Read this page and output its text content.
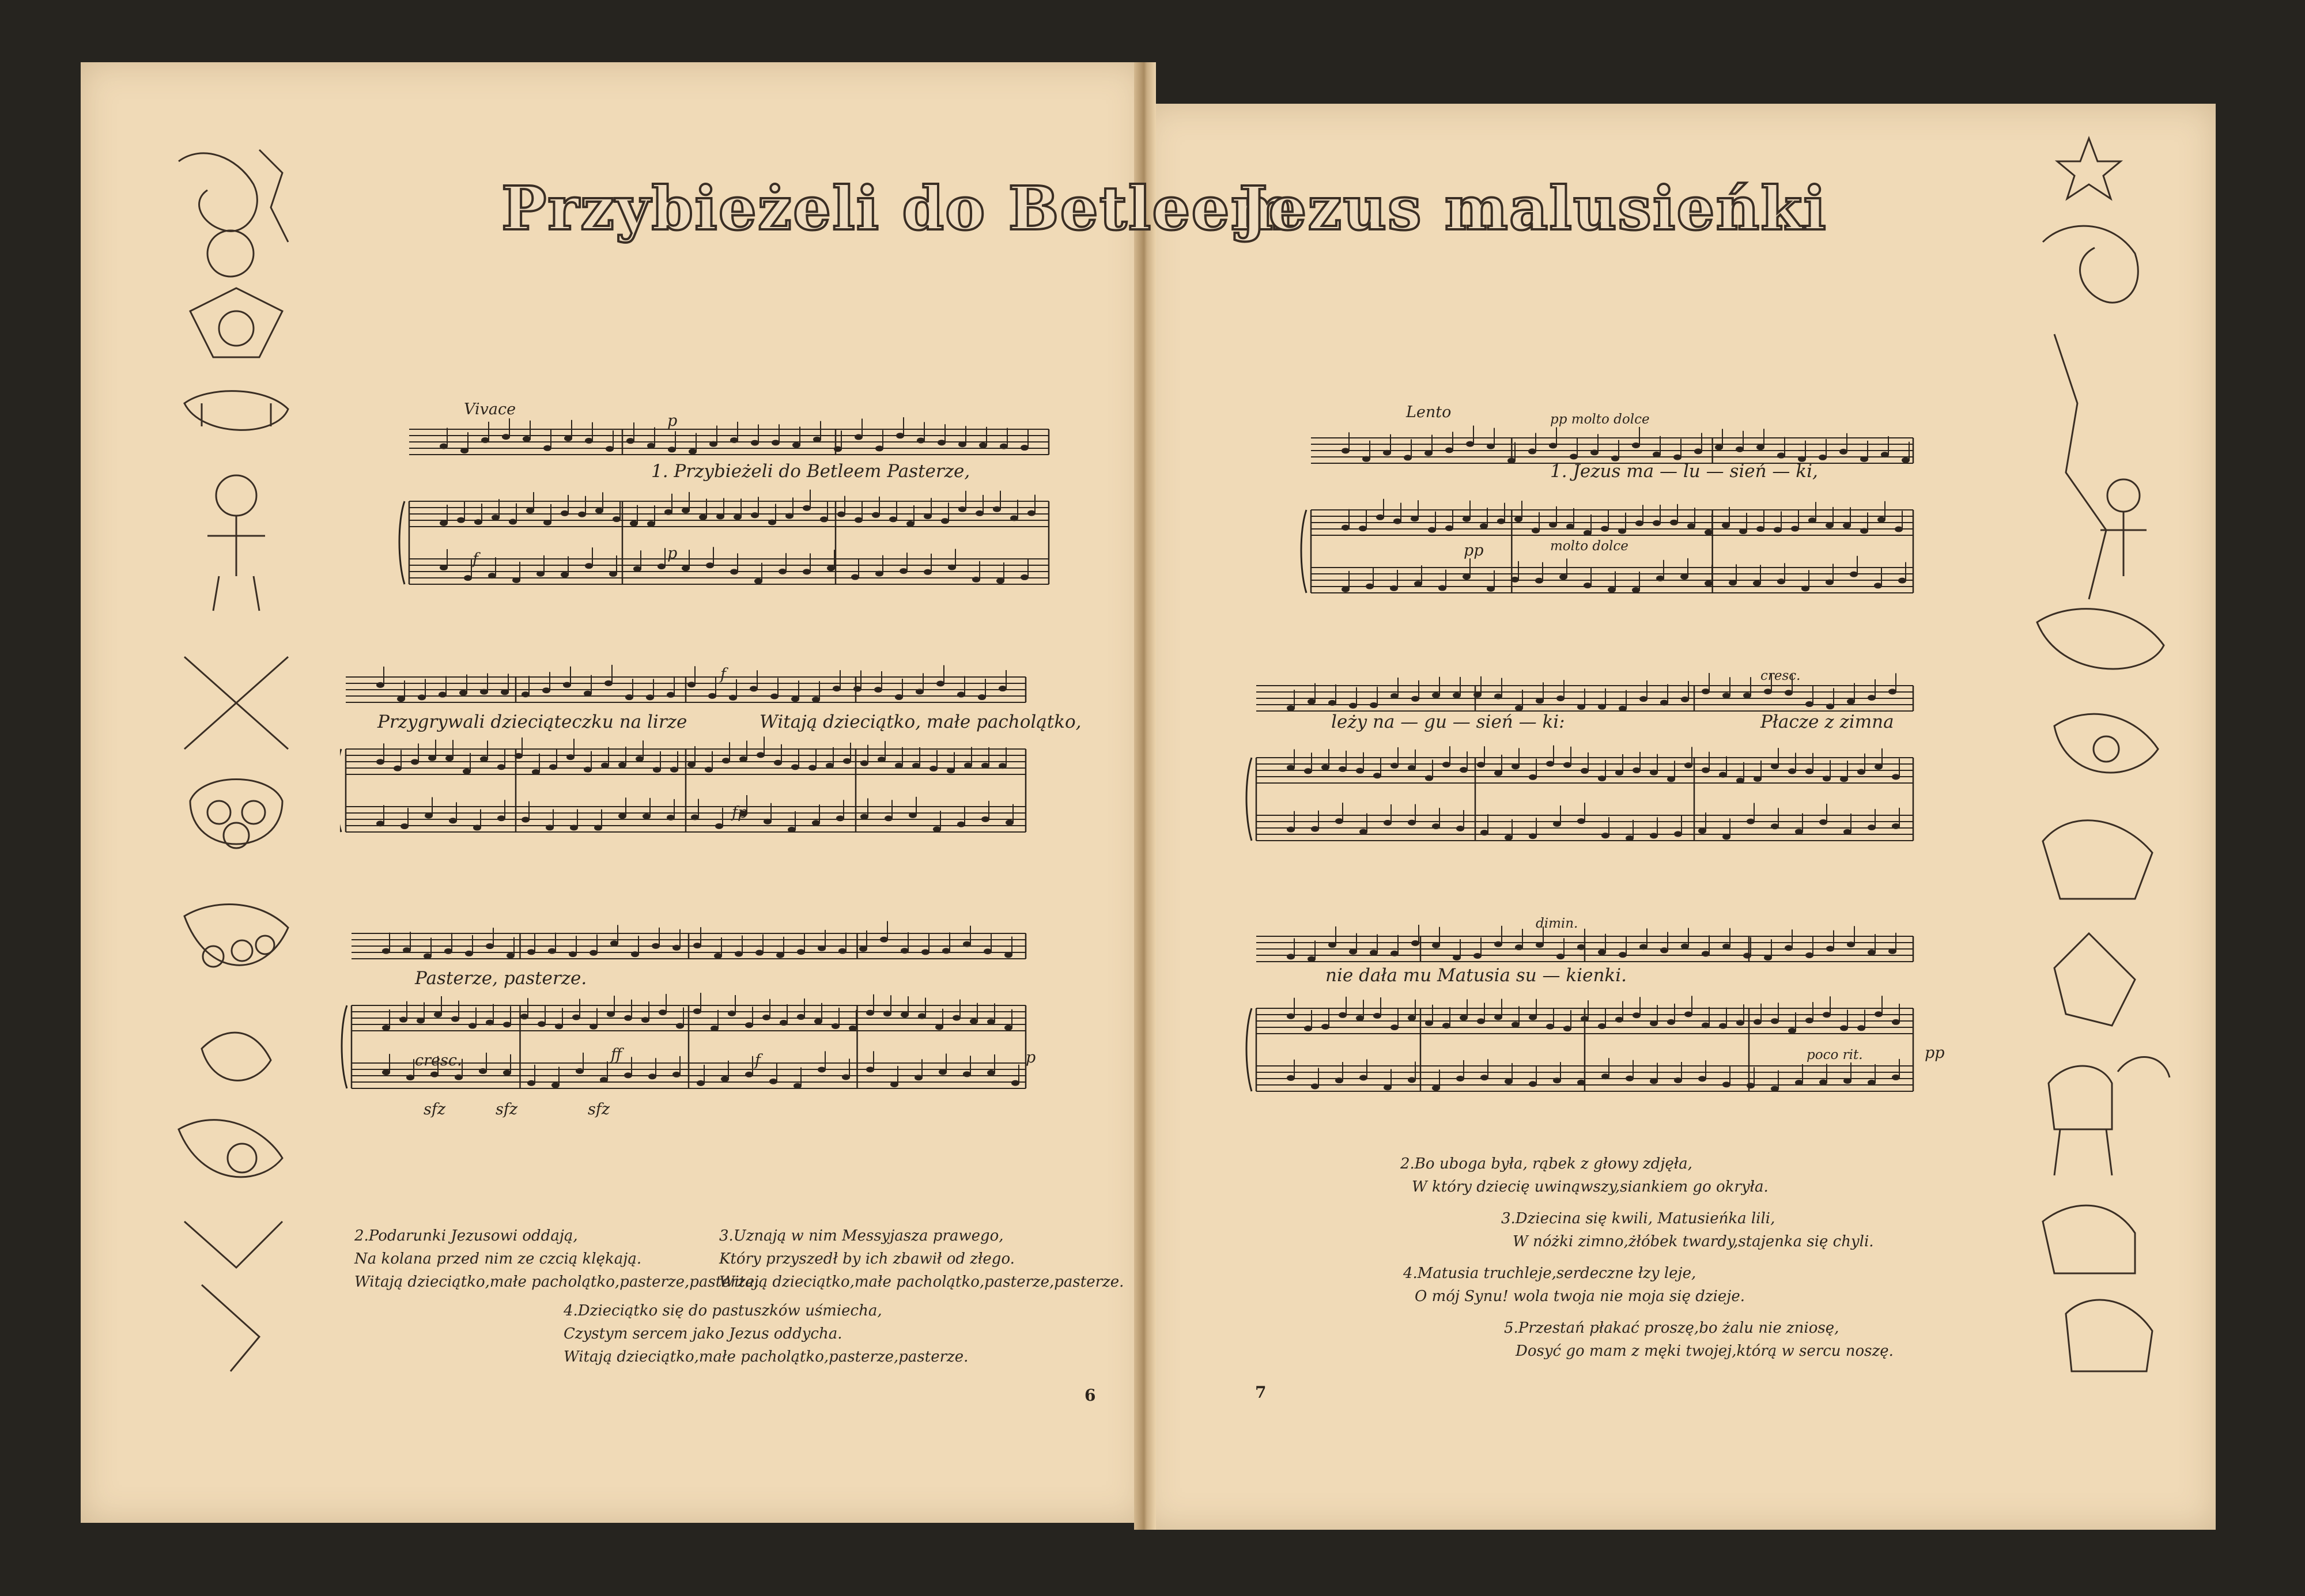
Przybieżeli do Betleem
Jezus malusieńki
Vivace
p
f	p
f
fp
ff	f	p
cresc.
sfz	sfz	sfz
1. Przybieżeli do Betleem Pasterze,
Przygrywali dzieciąteczku na lirze	Witają dzieciątko, małe pacholątko,
Pasterze, pasterze.
2.Podarunki Jezusowi oddają,
Na kolana przed nim ze czcią klękają.
Witają dzieciątko,małe pacholątko,pasterze,pasterze.
3.Uznają w nim Messyjasza prawego,
Który przyszedł by ich zbawił od złego.
Witają dzieciątko,małe pacholątko,pasterze,pasterze.
4.Dzieciątko się do pastuszków uśmiecha,
Czystym sercem jako Jezus oddycha.
Witają dzieciątko,małe pacholątko,pasterze,pasterze.
6
Lento	pp molto dolce
pp	molto dolce
cresc.
dimin.
poco rit.	pp
1. Jezus ma — lu — sień — ki,
leży na — gu — sień — ki:	Płacze z zimna
nie dała mu Matusia su — kienki.
2.Bo uboga była, rąbek z głowy zdjęła,
W który dziecię uwinąwszy,siankiem go okryła.
3.Dziecina się kwili, Matusieńka lili,
W nóżki zimno,żłóbek twardy,stajenka się chyli.
4.Matusia truchleje,serdeczne łzy leje,
O mój Synu! wola twoja nie moja się dzieje.
5.Przestań płakać proszę,bo żalu nie zniosę,
Dosyć go mam z męki twojej,którą w sercu noszę.
7
